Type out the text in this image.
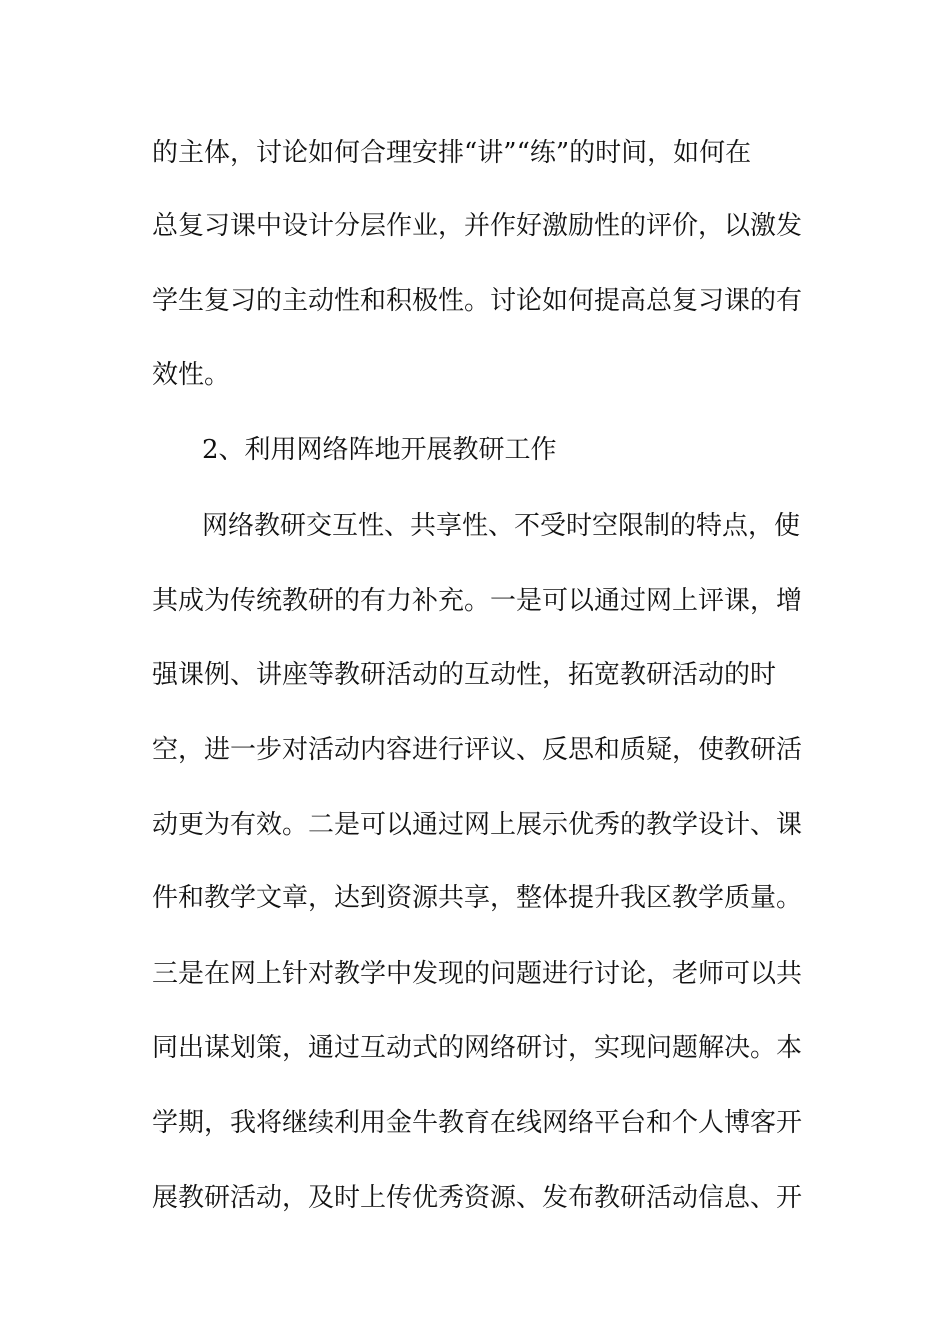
的主体，讨论如何合理安排“讲”“练”的时间，如何在
总复习课中设计分层作业，并作好激励性的评价，以激发
学生复习的主动性和积极性。讨论如何提高总复习课的有
效性。
2、利用网络阵地开展教研工作
网络教研交互性、共享性、不受时空限制的特点，使
其成为传统教研的有力补充。一是可以通过网上评课，增
强课例、讲座等教研活动的互动性，拓宽教研活动的时
空，进一步对活动内容进行评议、反思和质疑，使教研活
动更为有效。二是可以通过网上展示优秀的教学设计、课
件和教学文章，达到资源共享，整体提升我区教学质量。
三是在网上针对教学中发现的问题进行讨论，老师可以共
同出谋划策，通过互动式的网络研讨，实现问题解决。本
学期，我将继续利用金牛教育在线网络平台和个人博客开
展教研活动，及时上传优秀资源、发布教研活动信息、开
